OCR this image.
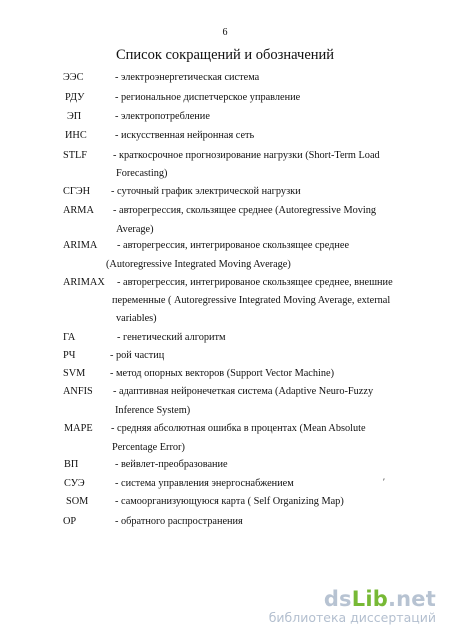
6
Список сокращений и обозначений
ЭЭС	- электроэнергетическая система
РДУ	- региональное диспетчерское управление
ЭП	- электропотребление
ИНС	- искусственная нейронная сеть
STLF	- краткосрочное прогнозирование нагрузки (Short-Term Load
Forecasting)
СГЭН - суточный график электрической нагрузки
ARMA - авторегрессия, скользящее среднее (Autoregressive Moving
Average)
ARIMA - авторегрессия, интегрированое скользящее среднее
(Autoregressive Integrated Moving Average)
ARIMAX - авторегрессия, интегрированое скользящее среднее, внешние
переменные ( Autoregressive Integrated Moving Average, external
variables)
ГА	- генетический алгоритм
РЧ	- рой частиц
SVM - метод опорных векторов (Support Vector Machine)
ANFIS - адаптивная нейронечеткая система (Adaptive Neuro-Fuzzy
Inference System)
MAPE - средняя абсолютная ошибка в процентах (Mean Absolute
Percentage Error)
ВП	- вейвлет-преобразование
СУЭ	- система управления энергоснабжением
SOM	- самоорганизующуюся карта ( Self Organizing Map)
ОР	- обратного распространения
′
dsLib.net
библиотека диссертаций
